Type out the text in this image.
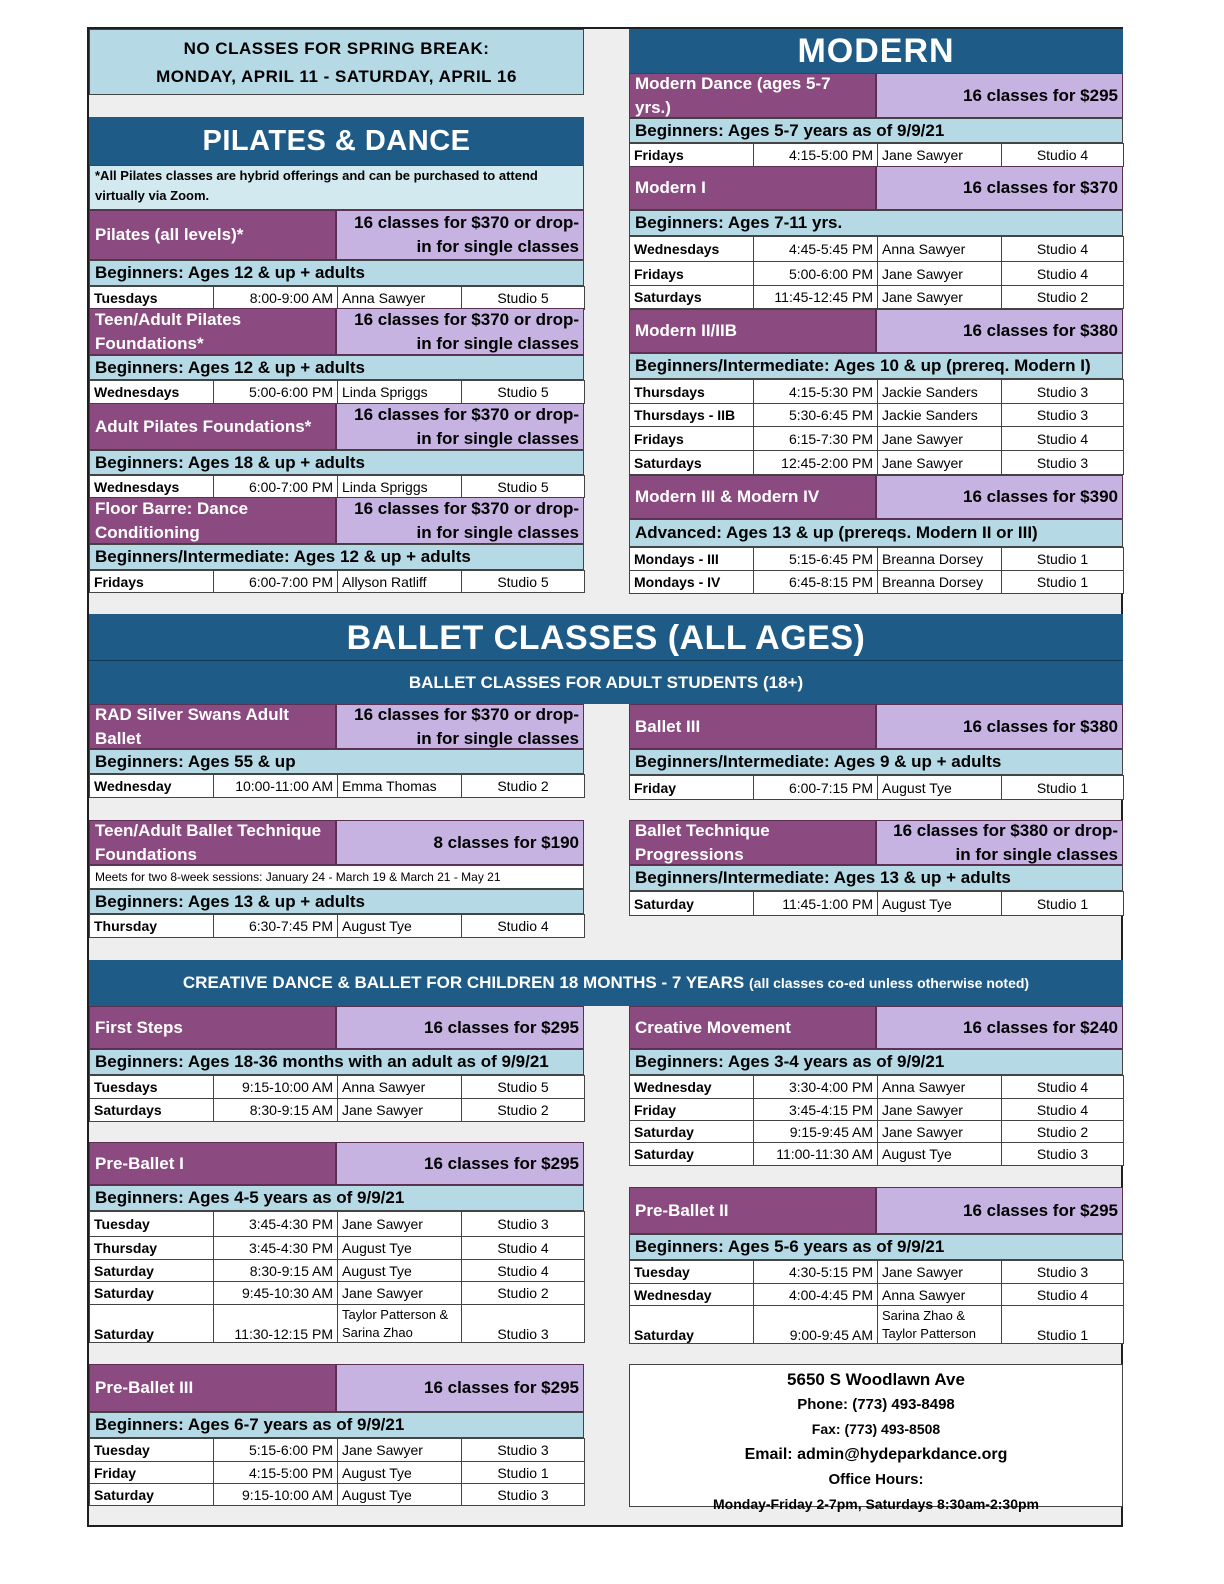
NO CLASSES FOR SPRING BREAK:
MONDAY, APRIL 11 - SATURDAY, APRIL 16
PILATES & DANCE
*All Pilates classes are hybrid offerings and can be purchased to attend virtually via Zoom.
MODERN
BALLET CLASSES (ALL AGES)
BALLET CLASSES FOR ADULT STUDENTS (18+)
CREATIVE DANCE & BALLET FOR CHILDREN 18 MONTHS - 7 YEARS (all classes co-ed unless otherwise noted)
5650 S Woodlawn Ave
Phone: (773) 493-8498
Fax: (773) 493-8508
Email: admin@hydeparkdance.org
Office Hours:
Monday-Friday 2-7pm, Saturdays 8:30am-2:30pm
Pilates (all levels)*
16 classes for $370 or drop-in for single classes
Beginners: Ages 12 & up + adults
Tuesdays	8:00-9:00 AM	Anna Sawyer	Studio 5
Teen/Adult Pilates Foundations*
16 classes for $370 or drop-in for single classes
Beginners: Ages 12 & up + adults
Wednesdays	5:00-6:00 PM	Linda Spriggs	Studio 5
Adult Pilates Foundations*
16 classes for $370 or drop-in for single classes
Beginners: Ages 18 & up + adults
Wednesdays	6:00-7:00 PM	Linda Spriggs	Studio 5
Floor Barre: Dance Conditioning
16 classes for $370 or drop-in for single classes
Beginners/Intermediate: Ages 12 & up + adults
Fridays	6:00-7:00 PM	Allyson Ratliff	Studio 5
Modern Dance (ages 5-7 yrs.)
16 classes for $295
Beginners: Ages 5-7 years as of 9/9/21
Fridays	4:15-5:00 PM	Jane Sawyer	Studio 4
Modern I	16 classes for $370
Beginners: Ages 7-11 yrs.
Wednesdays	4:45-5:45 PM	Anna Sawyer	Studio 4
Fridays	5:00-6:00 PM	Jane Sawyer	Studio 4
Saturdays	11:45-12:45 PM	Jane Sawyer	Studio 2
Modern II/IIB	16 classes for $380
Beginners/Intermediate: Ages 10 & up (prereq. Modern I)
Thursdays	4:15-5:30 PM	Jackie Sanders	Studio 3
Thursdays - IIB	5:30-6:45 PM	Jackie Sanders	Studio 3
Fridays	6:15-7:30 PM	Jane Sawyer	Studio 4
Saturdays	12:45-2:00 PM	Jane Sawyer	Studio 3
Modern III & Modern IV	16 classes for $390
Advanced: Ages 13 & up (prereqs. Modern II or III)
Mondays - III	5:15-6:45 PM	Breanna Dorsey	Studio 1
Mondays - IV	6:45-8:15 PM	Breanna Dorsey	Studio 1
RAD Silver Swans Adult Ballet
16 classes for $370 or drop-in for single classes
Beginners: Ages 55 & up
Wednesday	10:00-11:00 AM	Emma Thomas	Studio 2
Teen/Adult Ballet Technique Foundations
8 classes for $190
Meets for two 8-week sessions: January 24 - March 19 & March 21 - May 21
Beginners: Ages 13 & up + adults
Thursday	6:30-7:45 PM	August Tye	Studio 4
Ballet III	16 classes for $380
Beginners/Intermediate: Ages 9 & up + adults
Friday	6:00-7:15 PM	August Tye	Studio 1
Ballet Technique Progressions
16 classes for $380 or drop-in for single classes
Beginners/Intermediate: Ages 13 & up + adults
Saturday	11:45-1:00 PM	August Tye	Studio 1
First Steps	16 classes for $295
Beginners: Ages 18-36 months with an adult as of 9/9/21
Tuesdays	9:15-10:00 AM	Anna Sawyer	Studio 5
Saturdays	8:30-9:15 AM	Jane Sawyer	Studio 2
Pre-Ballet I	16 classes for $295
Beginners: Ages 4-5 years as of 9/9/21
Tuesday	3:45-4:30 PM	Jane Sawyer	Studio 3
Thursday	3:45-4:30 PM	August Tye	Studio 4
Saturday	8:30-9:15 AM	August Tye	Studio 4
Saturday	9:45-10:30 AM	Jane Sawyer	Studio 2
Saturday	11:30-12:15 PM	Taylor Patterson & Sarina Zhao	Studio 3
Pre-Ballet III	16 classes for $295
Beginners: Ages 6-7 years as of 9/9/21
Tuesday	5:15-6:00 PM	Jane Sawyer	Studio 3
Friday	4:15-5:00 PM	August Tye	Studio 1
Saturday	9:15-10:00 AM	August Tye	Studio 3
Creative Movement	16 classes for $240
Beginners: Ages 3-4 years as of 9/9/21
Wednesday	3:30-4:00 PM	Anna Sawyer	Studio 4
Friday	3:45-4:15 PM	Jane Sawyer	Studio 4
Saturday	9:15-9:45 AM	Jane Sawyer	Studio 2
Saturday	11:00-11:30 AM	August Tye	Studio 3
Pre-Ballet II	16 classes for $295
Beginners: Ages 5-6 years as of 9/9/21
Tuesday	4:30-5:15 PM	Jane Sawyer	Studio 3
Wednesday	4:00-4:45 PM	Anna Sawyer	Studio 4
Saturday	9:00-9:45 AM	Sarina Zhao & Taylor Patterson	Studio 1
